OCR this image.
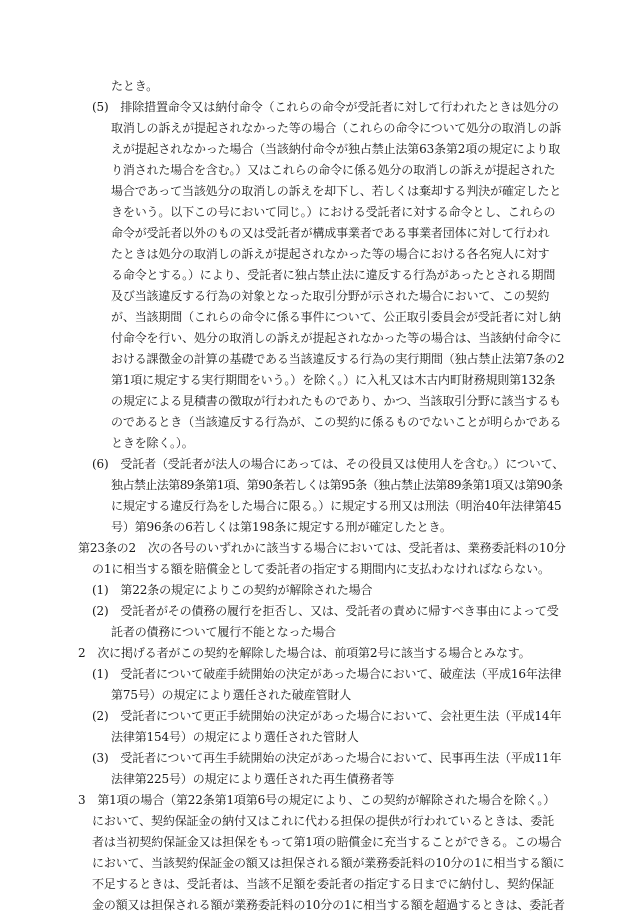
たとき。
(5)　排除措置命令又は納付命令（これらの命令が受託者に対して行われたときは処分の
取消しの訴えが提起されなかった等の場合（これらの命令について処分の取消しの訴
えが提起されなかった場合（当該納付命令が独占禁止法第63条第2項の規定により取
り消された場合を含む。）又はこれらの命令に係る処分の取消しの訴えが提起された
場合であって当該処分の取消しの訴えを却下し、若しくは棄却する判決が確定したと
きをいう。以下この号において同じ。）における受託者に対する命令とし、これらの
命令が受託者以外のもの又は受託者が構成事業者である事業者団体に対して行われ
たときは処分の取消しの訴えが提起されなかった等の場合における各名宛人に対す
る命令とする。）により、受託者に独占禁止法に違反する行為があったとされる期間
及び当該違反する行為の対象となった取引分野が示された場合において、この契約
が、当該期間（これらの命令に係る事件について、公正取引委員会が受託者に対し納
付命令を行い、処分の取消しの訴えが提起されなかった等の場合は、当該納付命令に
おける課徴金の計算の基礎である当該違反する行為の実行期間（独占禁止法第7条の2
第1項に規定する実行期間をいう。）を除く。）に入札又は木古内町財務規則第132条
の規定による見積書の徴取が行われたものであり、かつ、当該取引分野に該当するも
のであるとき（当該違反する行為が、この契約に係るものでないことが明らかである
ときを除く。）。
(6)　受託者（受託者が法人の場合にあっては、その役員又は使用人を含む。）について、
独占禁止法第89条第1項、第90条若しくは第95条（独占禁止法第89条第1項又は第90条
に規定する違反行為をした場合に限る。）に規定する刑又は刑法（明治40年法律第45
号）第96条の6若しくは第198条に規定する刑が確定したとき。
第23条の2　次の各号のいずれかに該当する場合においては、受託者は、業務委託料の10分
の1に相当する額を賠償金として委託者の指定する期間内に支払わなければならない。
(1)　第22条の規定によりこの契約が解除された場合
(2)　受託者がその債務の履行を拒否し、又は、受託者の責めに帰すべき事由によって受
託者の債務について履行不能となった場合
2　次に掲げる者がこの契約を解除した場合は、前項第2号に該当する場合とみなす。
(1)　受託者について破産手続開始の決定があった場合において、破産法（平成16年法律
第75号）の規定により選任された破産管財人
(2)　受託者について更正手続開始の決定があった場合において、会社更生法（平成14年
法律第154号）の規定により選任された管財人
(3)　受託者について再生手続開始の決定があった場合において、民事再生法（平成11年
法律第225号）の規定により選任された再生債務者等
3　第1項の場合（第22条第1項第6号の規定により、この契約が解除された場合を除く。）
において、契約保証金の納付又はこれに代わる担保の提供が行われているときは、委託
者は当初契約保証金又は担保をもって第1項の賠償金に充当することができる。この場合
において、当該契約保証金の額又は担保される額が業務委託料の10分の1に相当する額に
不足するときは、受託者は、当該不足額を委託者の指定する日までに納付し、契約保証
金の額又は担保される額が業務委託料の10分の1に相当する額を超過するときは、委託者
